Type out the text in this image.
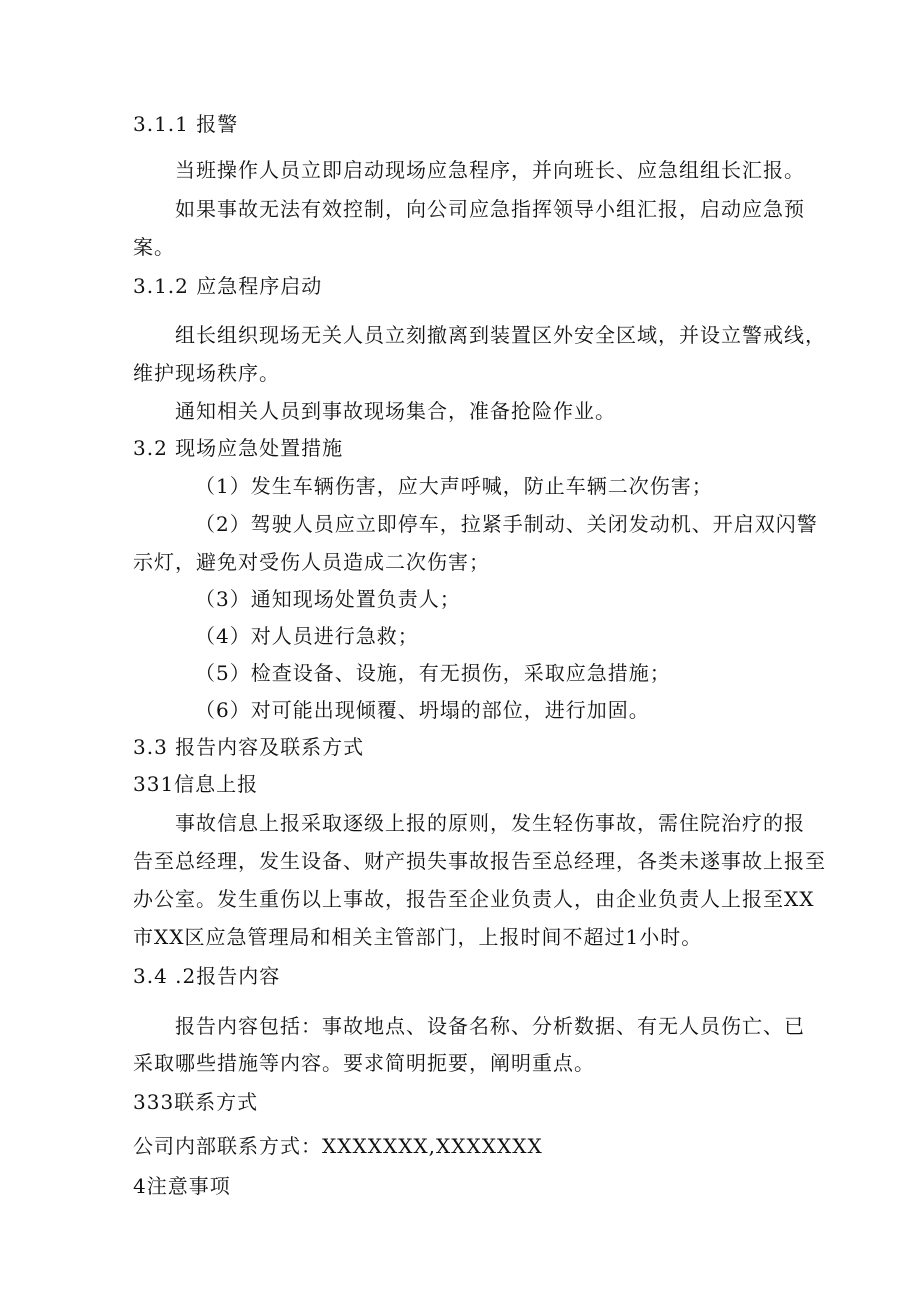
3.1.1 报警
当班操作人员立即启动现场应急程序，并向班长、应急组组长汇报。
如果事故无法有效控制，向公司应急指挥领导小组汇报，启动应急预
案。
3.1.2 应急程序启动
组长组织现场无关人员立刻撤离到装置区外安全区域，并设立警戒线，
维护现场秩序。
通知相关人员到事故现场集合，准备抢险作业。
3.2 现场应急处置措施
（1）发生车辆伤害，应大声呼喊，防止车辆二次伤害；
（2）驾驶人员应立即停车，拉紧手制动、关闭发动机、开启双闪警
示灯，避免对受伤人员造成二次伤害；
（3）通知现场处置负责人；
（4）对人员进行急救；
（5）检查设备、设施，有无损伤，采取应急措施；
（6）对可能出现倾覆、坍塌的部位，进行加固。
3.3 报告内容及联系方式
331信息上报
事故信息上报采取逐级上报的原则，发生轻伤事故，需住院治疗的报
告至总经理，发生设备、财产损失事故报告至总经理，各类未遂事故上报至
办公室。发生重伤以上事故，报告至企业负责人，由企业负责人上报至XX
市XX区应急管理局和相关主管部门，上报时间不超过1小时。
3.4 .2报告内容
报告内容包括：事故地点、设备名称、分析数据、有无人员伤亡、已
采取哪些措施等内容。要求简明扼要，阐明重点。
333联系方式
公司内部联系方式：XXXXXXX,XXXXXXX
4注意事项
